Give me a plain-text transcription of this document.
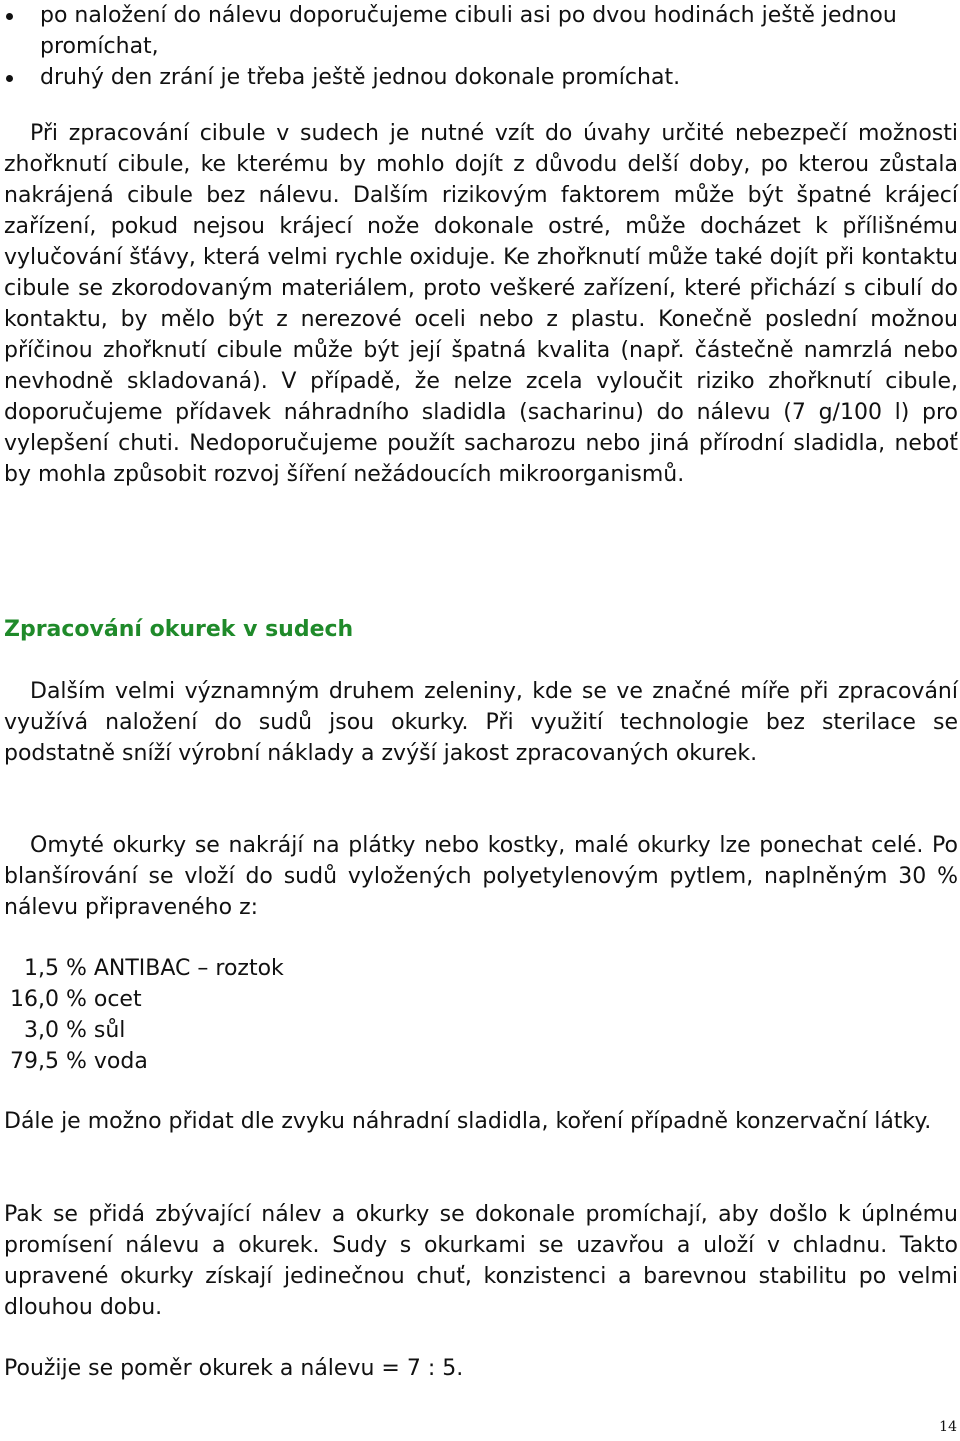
po naložení do nálevu doporučujeme cibuli asi po dvou hodinách ještě jednou promíchat,
druhý den zrání je třeba ještě jednou dokonale promíchat.

Při zpracování cibule v sudech je nutné vzít do úvahy určité nebezpečí možnosti zhořknutí cibule, ke kterému by mohlo dojít z důvodu delší doby, po kterou zůstala nakrájená cibule bez nálevu. Dalším rizikovým faktorem může být špatné krájecí zařízení, pokud nejsou krájecí nože dokonale ostré, může docházet k přílišnému vylučování šťávy, která velmi rychle oxiduje. Ke zhořknutí může také dojít při kontaktu cibule se zkorodovaným materiálem, proto veškeré zařízení, které přichází s cibulí do kontaktu, by mělo být z nerezové oceli nebo z plastu. Konečně poslední možnou příčinou zhořknutí cibule může být její špatná kvalita (např. částečně namrzlá nebo nevhodně skladovaná). V případě, že nelze zcela vyloučit riziko zhořknutí cibule, doporučujeme přídavek náhradního sladidla (sacharinu) do nálevu (7 g/100 l) pro vylepšení chuti. Nedoporučujeme použít sacharozu nebo jiná přírodní sladidla, neboť by mohla způsobit rozvoj šíření nežádoucích mikroorganismů.

Zpracování okurek v sudech

Dalším velmi významným druhem zeleniny, kde se ve značné míře při zpracování využívá naložení do sudů jsou okurky. Při využití technologie bez sterilace se podstatně sníží výrobní náklady a zvýší jakost zpracovaných okurek.

Omyté okurky se nakrájí na plátky nebo kostky, malé okurky lze ponechat celé. Po blanšírování se vloží do sudů vyložených polyetylenovým pytlem, naplněným 30 % nálevu připraveného z:

1,5 % ANTIBAC – roztok
16,0 % ocet
3,0 % sůl
79,5 % voda

Dále je možno přidat dle zvyku náhradní sladidla, koření případně konzervační látky.

Pak se přidá zbývající nálev a okurky se dokonale promíchají, aby došlo k úplnému promísení nálevu a okurek. Sudy s okurkami se uzavřou a uloží v chladnu. Takto upravené okurky získají jedinečnou chuť, konzistenci a barevnou stabilitu po velmi dlouhou dobu.

Použije se poměr okurek a nálevu = 7 : 5.

14
